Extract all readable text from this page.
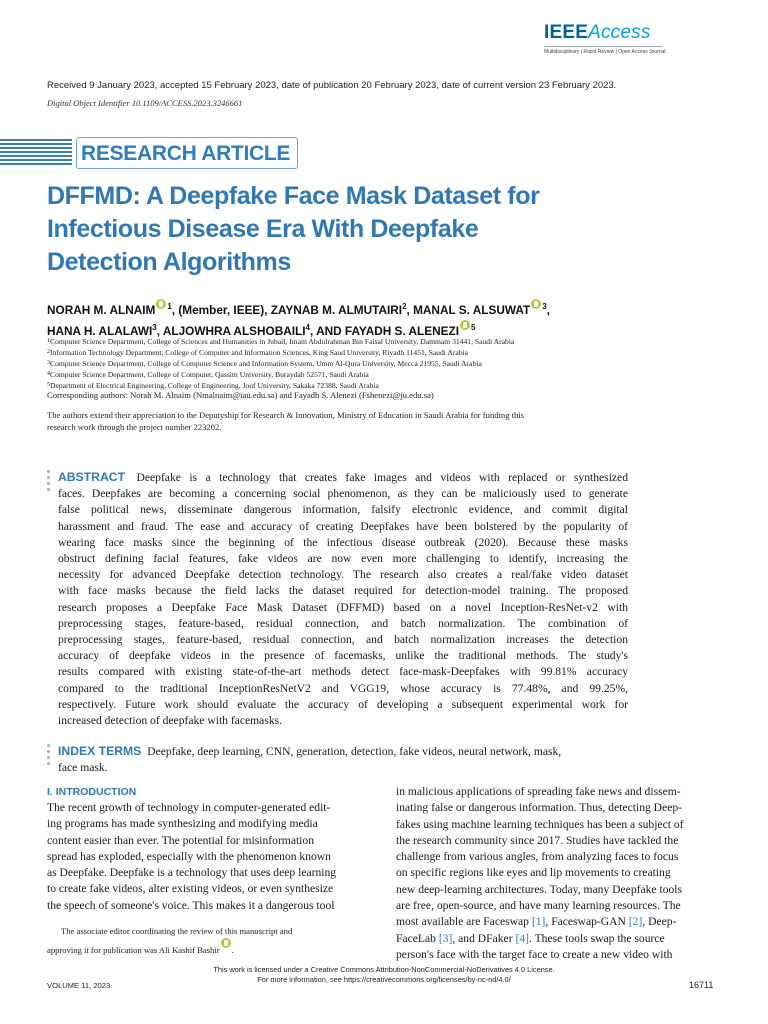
IEEEAccess
Multidisciplinary | Rapid Review | Open Access Journal
Received 9 January 2023, accepted 15 February 2023, date of publication 20 February 2023, date of current version 23 February 2023.
Digital Object Identifier 10.1109/ACCESS.2023.3246661
RESEARCH ARTICLE
DFFMD: A Deepfake Face Mask Dataset for
Infectious Disease Era With Deepfake
Detection Algorithms
NORAH M. ALNAIM $^1$, (Member, IEEE), ZAYNAB M. ALMUTAIRI$^2$, MANAL S. ALSUWAT $^3$,
HANA H. ALALAWI$^3$, ALJOWHRA ALSHOBAILI$^4$, AND FAYADH S. ALENEZI $^5$
$^1$Computer Science Department, College of Sciences and Humanities in Jubail, Imam Abdulrahman Bin Faisal University, Dammam 31441, Saudi Arabia
$^2$Information Technology Department, College of Computer and Information Sciences, King Saud University, Riyadh 11451, Saudi Arabia
$^3$Computer Science Department, College of Computer Science and Information System, Umm Al-Qura University, Mecca 21955, Saudi Arabia
$^4$Computer Science Department, College of Computer, Qassim University, Buraydah 52571, Saudi Arabia
$^5$Department of Electrical Engineering, College of Engineering, Jouf University, Sakaka 72388, Saudi Arabia
Corresponding authors: Norah M. Alnaim (Nmalnaim@iau.edu.sa) and Fayadh S. Alenezi (Fshenezi@ju.edu.sa)
The authors extend their appreciation to the Deputyship for Research & Innovation, Ministry of Education in Saudi Arabia for funding this
research work through the project number 223202.
ABSTRACT Deepfake is a technology that creates fake images and videos with replaced or synthesized
faces. Deepfakes are becoming a concerning social phenomenon, as they can be maliciously used to generate
false political news, disseminate dangerous information, falsify electronic evidence, and commit digital
harassment and fraud. The ease and accuracy of creating Deepfakes have been bolstered by the popularity of
wearing face masks since the beginning of the infectious disease outbreak (2020). Because these masks
obstruct defining facial features, fake videos are now even more challenging to identify, increasing the
necessity for advanced Deepfake detection technology. The research also creates a real/fake video dataset
with face masks because the field lacks the dataset required for detection-model training. The proposed
research proposes a Deepfake Face Mask Dataset (DFFMD) based on a novel Inception-ResNet-v2 with
preprocessing stages, feature-based, residual connection, and batch normalization. The combination of
preprocessing stages, feature-based, residual connection, and batch normalization increases the detection
accuracy of deepfake videos in the presence of facemasks, unlike the traditional methods. The study's
results compared with existing state-of-the-art methods detect face-mask-Deepfakes with 99.81% accuracy
compared to the traditional InceptionResNetV2 and VGG19, whose accuracy is 77.48%, and 99.25%,
respectively. Future work should evaluate the accuracy of developing a subsequent experimental work for
increased detection of deepfake with facemasks.
INDEX TERMS Deepfake, deep learning, CNN, generation, detection, fake videos, neural network, mask,
face mask.
I. INTRODUCTION
The recent growth of technology in computer-generated edit-
ing programs has made synthesizing and modifying media
content easier than ever. The potential for misinformation
spread has exploded, especially with the phenomenon known
as Deepfake. Deepfake is a technology that uses deep learning
to create fake videos, alter existing videos, or even synthesize
the speech of someone's voice. This makes it a dangerous tool
The associate editor coordinating the review of this manuscript and
approving it for publication was Ali Kashif Bashir .
in malicious applications of spreading fake news and dissem-
inating false or dangerous information. Thus, detecting Deep-
fakes using machine learning techniques has been a subject of
the research community since 2017. Studies have tackled the
challenge from various angles, from analyzing faces to focus
on specific regions like eyes and lip movements to creating
new deep-learning architectures. Today, many Deepfake tools
are free, open-source, and have many learning resources. The
most available are Faceswap [1], Faceswap-GAN [2], Deep-
FaceLab [3], and DFaker [4]. These tools swap the source
person's face with the target face to create a new video with
This work is licensed under a Creative Commons Attribution-NonCommercial-NoDerivatives 4.0 License.
For more information, see https://creativecommons.org/licenses/by-nc-nd/4.0/
VOLUME 11, 2023	16711
